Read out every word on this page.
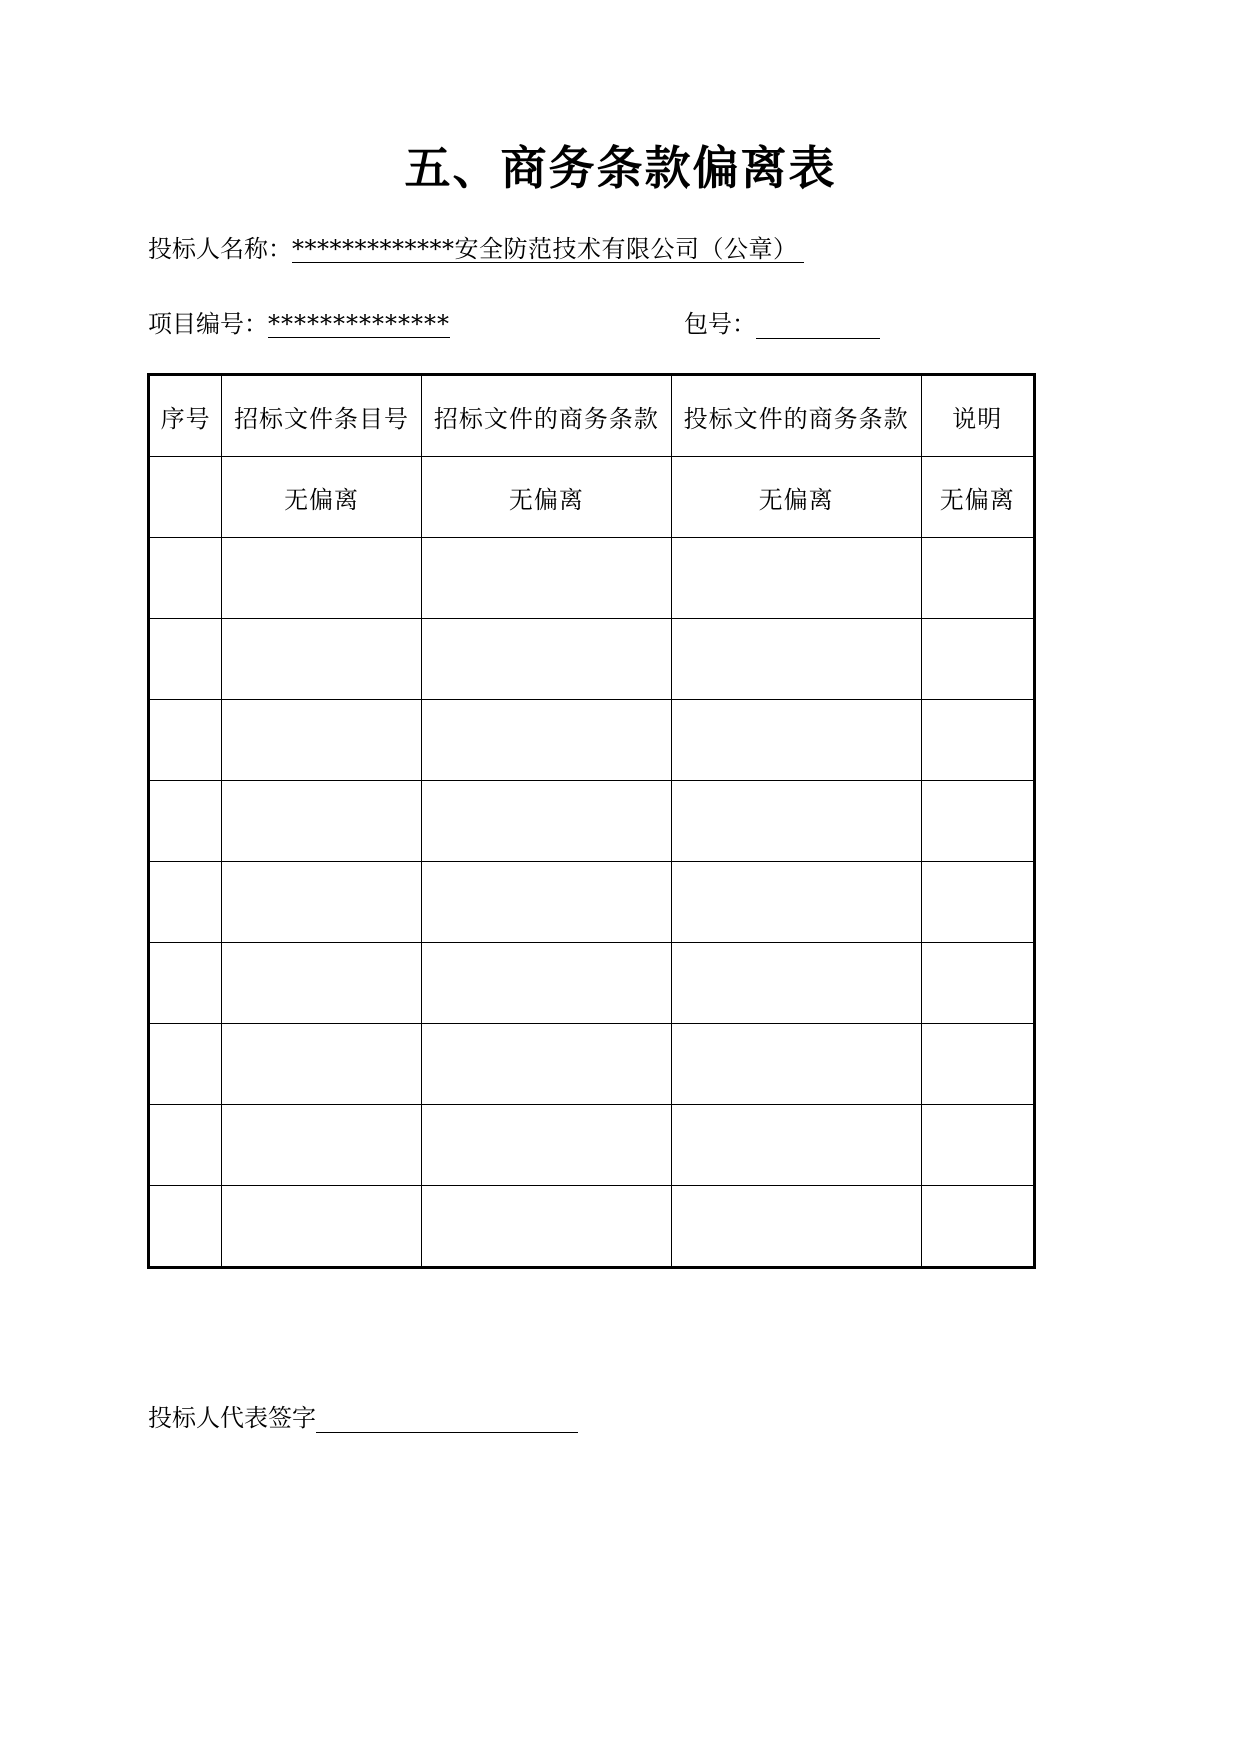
五、商务条款偏离表
投标人名称：*************安全防范技术有限公司（公章）
项目编号：**************	包号：
序号	招标文件条目号	招标文件的商务条款	投标文件的商务条款	说明
	无偏离	无偏离	无偏离	无偏离

投标人代表签字
